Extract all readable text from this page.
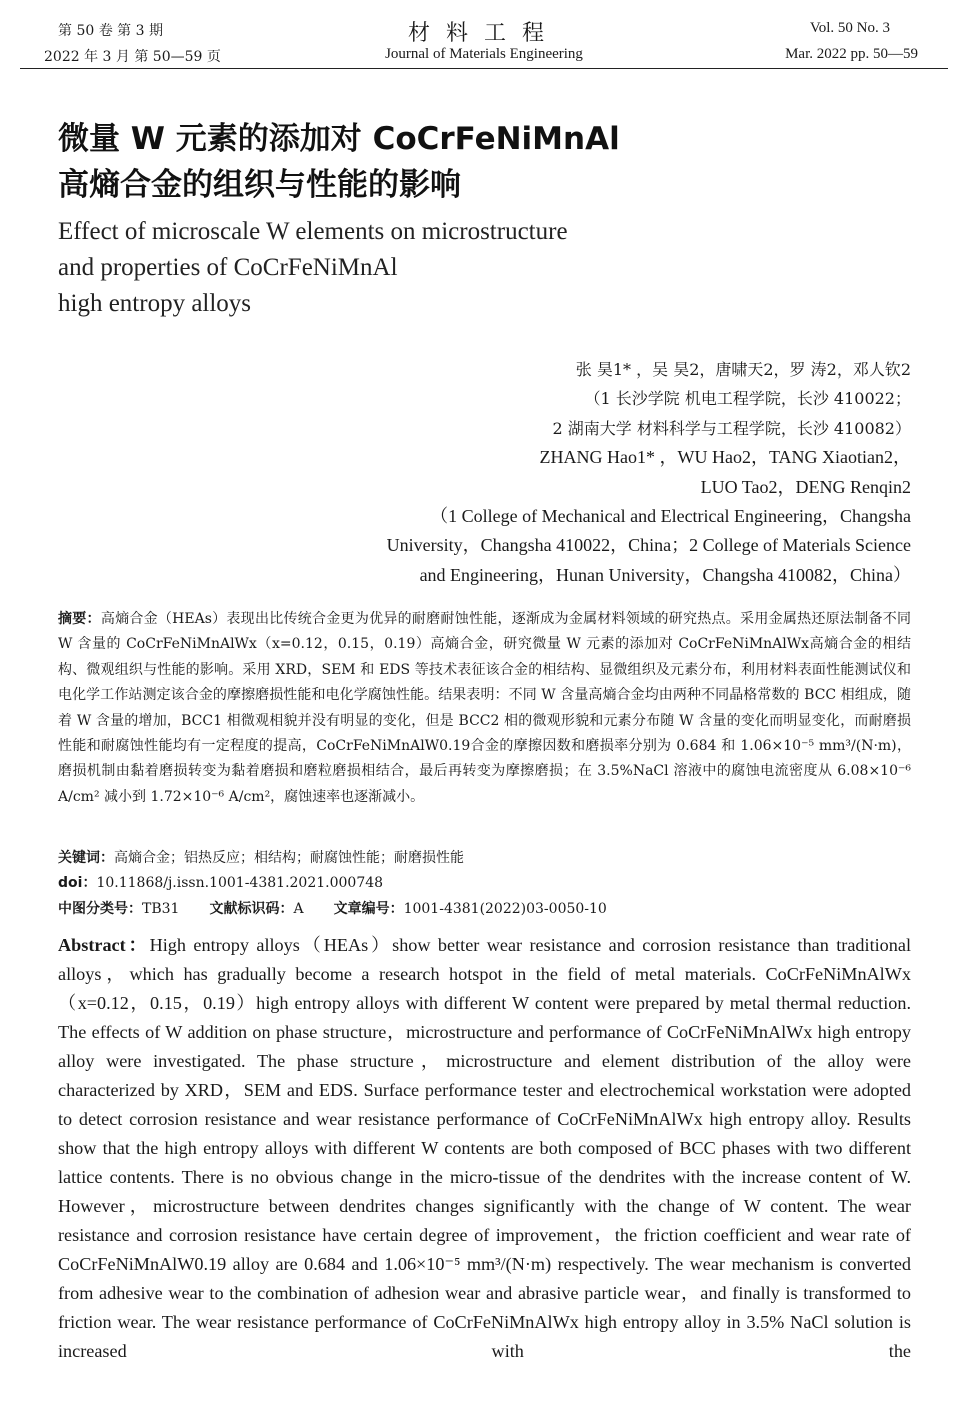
第 50 卷 第 3 期
2022 年 3 月 第 50—59 页
材料工程
Journal of Materials Engineering
Vol. 50 No. 3
Mar. 2022 pp. 50—59
微量 W 元素的添加对 CoCrFeNiMnAl
高熵合金的组织与性能的影响
Effect of microscale W elements on microstructure
and properties of CoCrFeNiMnAl
high entropy alloys
张 昊1* ，吴 昊2，唐啸天2，罗 涛2，邓人钦2
（1 长沙学院 机电工程学院，长沙 410022；
2 湖南大学 材料科学与工程学院，长沙 410082）
ZHANG Hao1* ，WU Hao2，TANG Xiaotian2，
LUO Tao2，DENG Renqin2
（1 College of Mechanical and Electrical Engineering，Changsha
University，Changsha 410022，China；2 College of Materials Science
and Engineering，Hunan University，Changsha 410082，China）
摘要：高熵合金（HEAs）表现出比传统合金更为优异的耐磨耐蚀性能，逐渐成为金属材料领域的研究热点。采用金属热还原法制备不同 W 含量的 CoCrFeNiMnAlWx（x=0.12，0.15，0.19）高熵合金，研究微量 W 元素的添加对 CoCrFeNiMnAlWx高熵合金的相结构、微观组织与性能的影响。采用 XRD，SEM 和 EDS 等技术表征该合金的相结构、显微组织及元素分布，利用材料表面性能测试仪和电化学工作站测定该合金的摩擦磨损性能和电化学腐蚀性能。结果表明：不同 W 含量高熵合金均由两种不同晶格常数的 BCC 相组成，随着 W 含量的增加，BCC1 相微观相貌并没有明显的变化，但是 BCC2 相的微观形貌和元素分布随 W 含量的变化而明显变化，而耐磨损性能和耐腐蚀性能均有一定程度的提高，CoCrFeNiMnAlW0.19合金的摩擦因数和磨损率分别为 0.684 和 1.06×10⁻⁵ mm³/(N·m)，磨损机制由黏着磨损转变为黏着磨损和磨粒磨损相结合，最后再转变为摩擦磨损；在 3.5%NaCl 溶液中的腐蚀电流密度从 6.08×10⁻⁶ A/cm² 减小到 1.72×10⁻⁶ A/cm²，腐蚀速率也逐渐减小。
关键词：高熵合金；铝热反应；相结构；耐腐蚀性能；耐磨损性能
doi：10.11868/j.issn.1001-4381.2021.000748
中图分类号：TB31 文献标识码：A 文章编号：1001-4381(2022)03-0050-10
Abstract：High entropy alloys（HEAs）show better wear resistance and corrosion resistance than traditional alloys，which has gradually become a research hotspot in the field of metal materials. CoCrFeNiMnAlWx（x=0.12，0.15，0.19）high entropy alloys with different W content were prepared by metal thermal reduction. The effects of W addition on phase structure，microstructure and performance of CoCrFeNiMnAlWx high entropy alloy were investigated. The phase structure，microstructure and element distribution of the alloy were characterized by XRD，SEM and EDS. Surface performance tester and electrochemical workstation were adopted to detect corrosion resistance and wear resistance performance of CoCrFeNiMnAlWx high entropy alloy. Results show that the high entropy alloys with different W contents are both composed of BCC phases with two different lattice contents. There is no obvious change in the micro-tissue of the dendrites with the increase content of W. However，microstructure between dendrites changes significantly with the change of W content. The wear resistance and corrosion resistance have certain degree of improvement，the friction coefficient and wear rate of CoCrFeNiMnAlW0.19 alloy are 0.684 and 1.06×10⁻⁵ mm³/(N·m) respectively. The wear mechanism is converted from adhesive wear to the combination of adhesion wear and abrasive particle wear，and finally is transformed to friction wear. The wear resistance performance of CoCrFeNiMnAlWx high entropy alloy in 3.5% NaCl solution is increased with the
